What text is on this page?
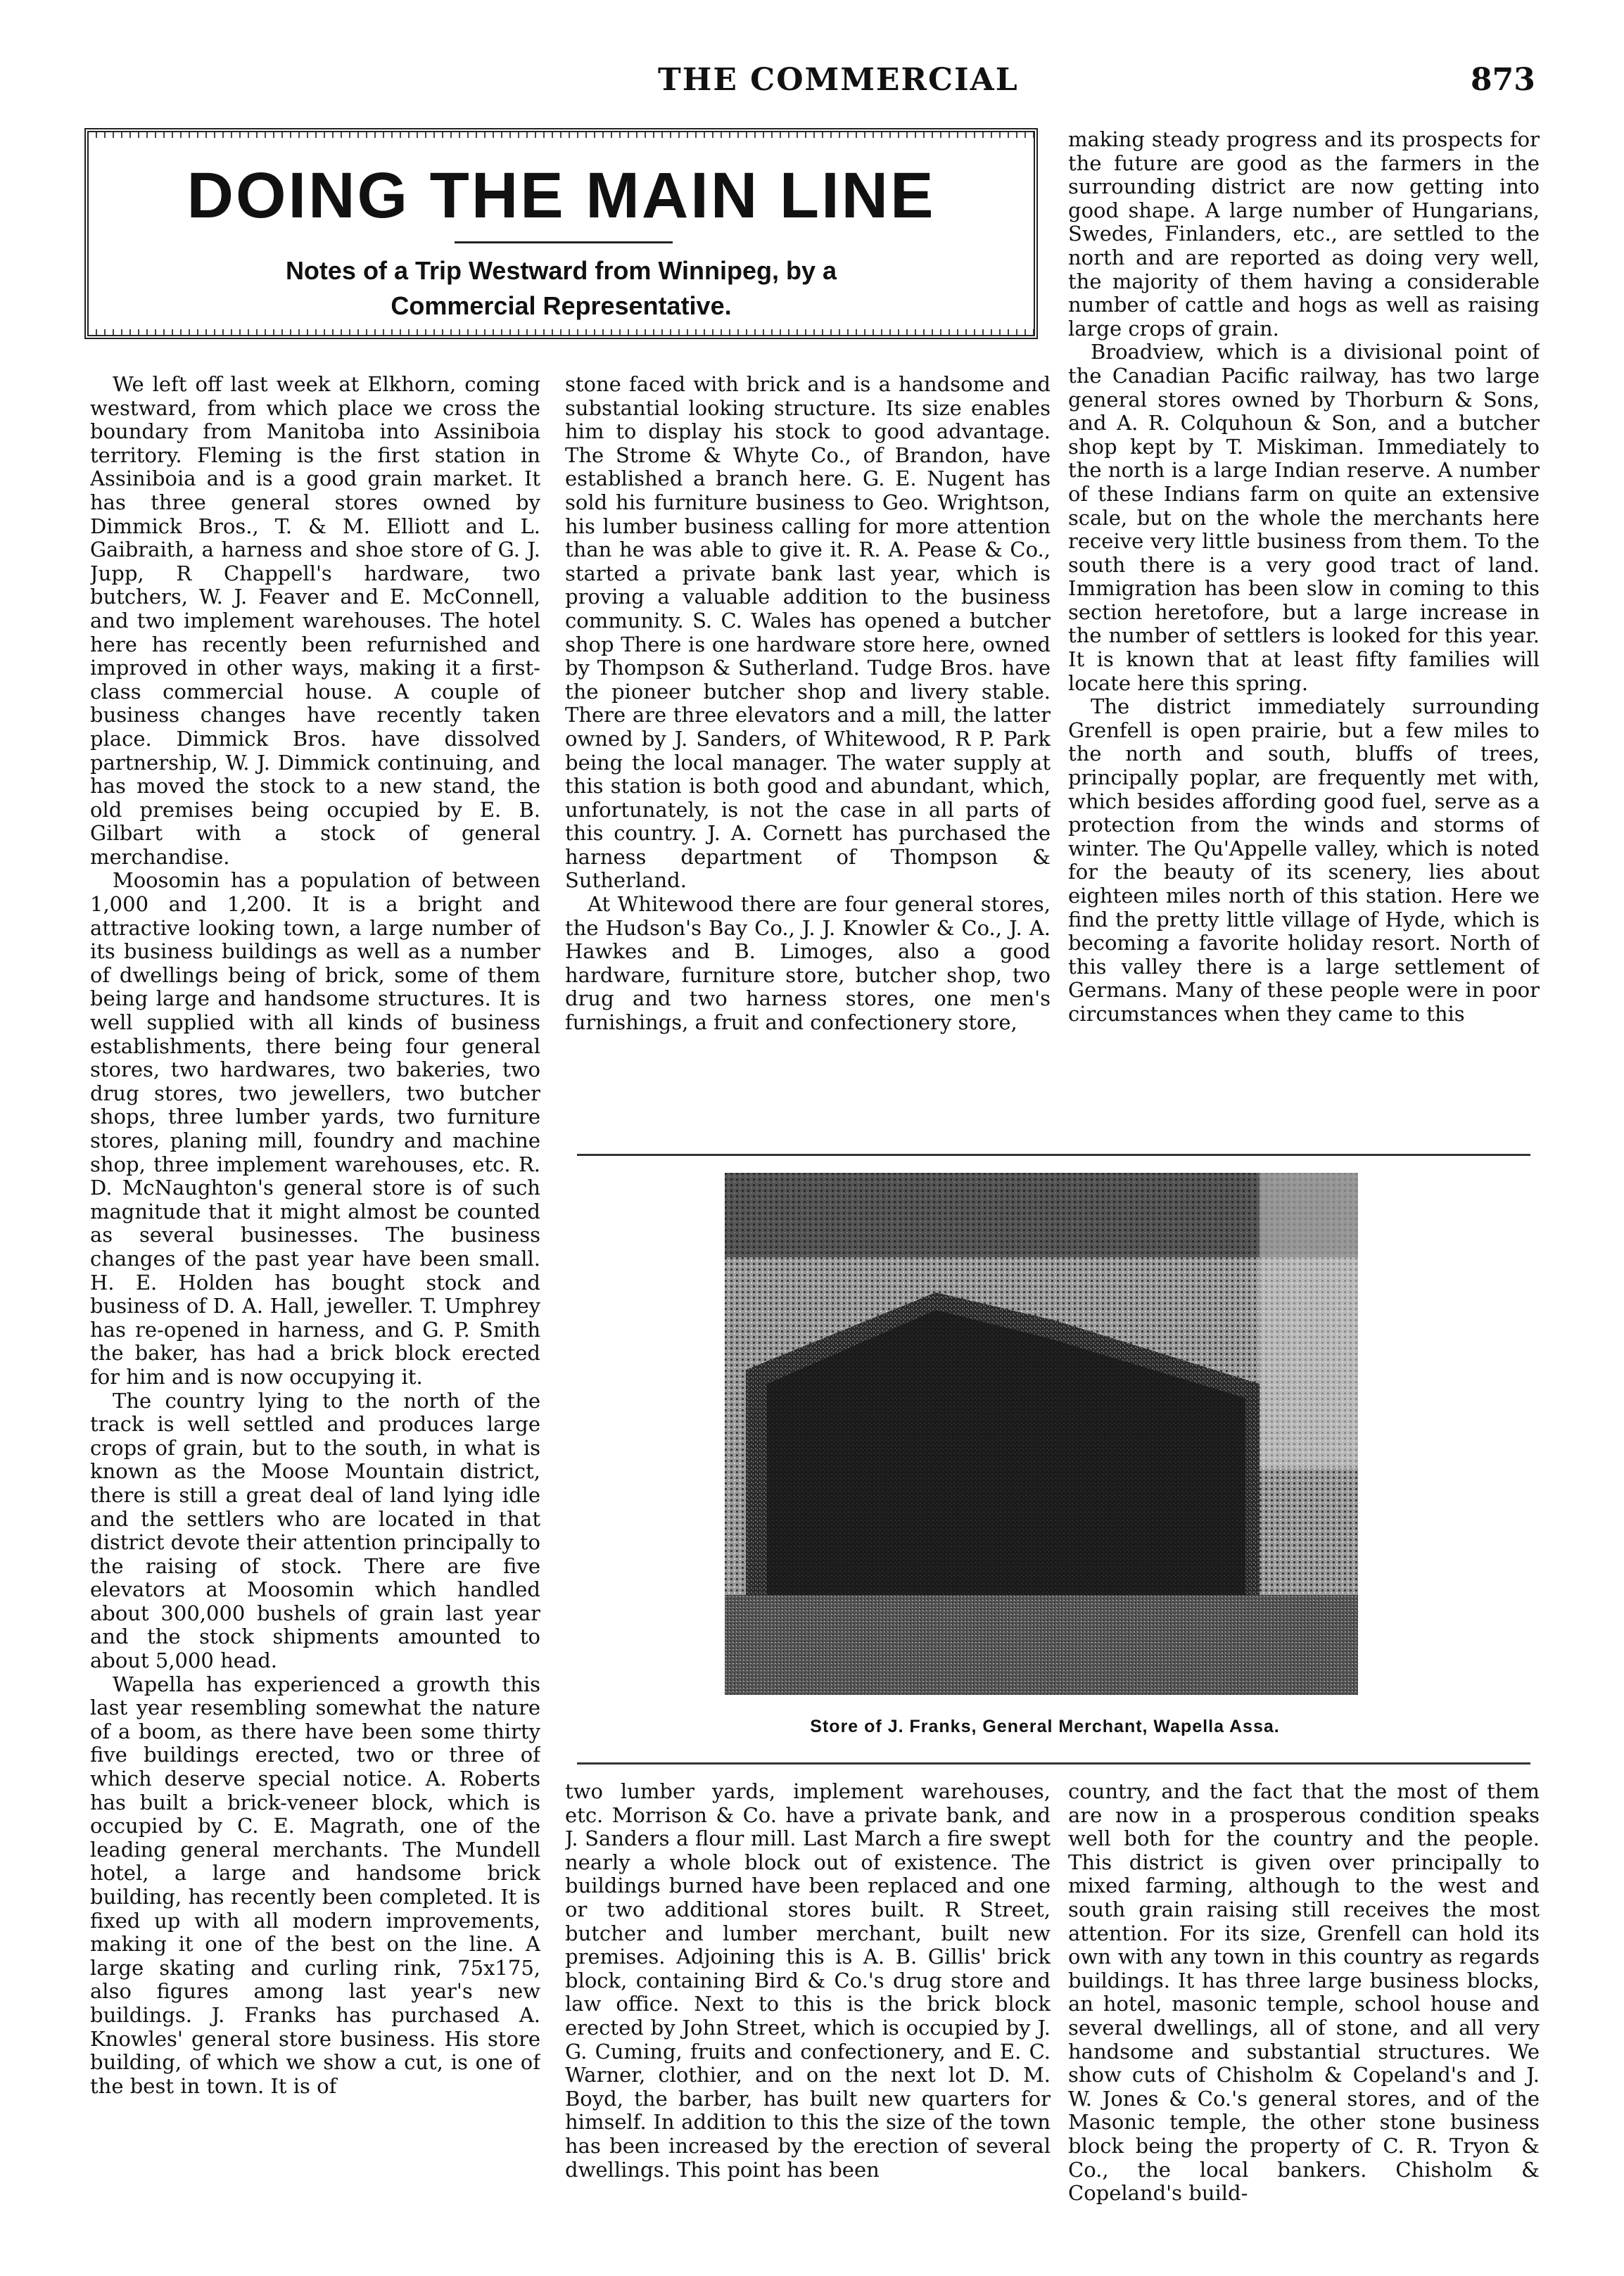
THE COMMERCIAL	873
DOING THE MAIN LINE
Notes of a Trip Westward from Winnipeg, by a
Commercial Representative.

We left off last week at Elkhorn, coming westward, from which place we cross the boundary from Manitoba into Assiniboia territory. Fleming is the first station in Assiniboia and is a good grain market. It has three general stores owned by Dimmick Bros., T. & M. Elliott and L. Gaibraith, a harness and shoe store of G. J. Jupp, R Chappell's hardware, two butchers, W. J. Feaver and E. McConnell, and two implement warehouses. The hotel here has recently been refurnished and improved in other ways, making it a first-class commercial house. A couple of business changes have recently taken place. Dimmick Bros. have dissolved partnership, W. J. Dimmick continuing, and has moved the stock to a new stand, the old premises being occupied by E. B. Gilbart with a stock of general merchandise.

Moosomin has a population of between 1,000 and 1,200. It is a bright and attractive looking town, a large number of its business buildings as well as a number of dwellings being of brick, some of them being large and handsome structures. It is well supplied with all kinds of business establishments, there being four general stores, two hardwares, two bakeries, two drug stores, two jewellers, two butcher shops, three lumber yards, two furniture stores, planing mill, foundry and machine shop, three implement warehouses, etc. R. D. McNaughton's general store is of such magnitude that it might almost be counted as several businesses. The business changes of the past year have been small. H. E. Holden has bought stock and business of D. A. Hall, jeweller. T. Umphrey has re-opened in harness, and G. P. Smith the baker, has had a brick block erected for him and is now occupying it.

The country lying to the north of the track is well settled and produces large crops of grain, but to the south, in what is known as the Moose Mountain district, there is still a great deal of land lying idle and the settlers who are located in that district devote their attention principally to the raising of stock. There are five elevators at Moosomin which handled about 300,000 bushels of grain last year and the stock shipments amounted to about 5,000 head.

Wapella has experienced a growth this last year resembling somewhat the nature of a boom, as there have been some thirty five buildings erected, two or three of which deserve special notice. A. Roberts has built a brick-veneer block, which is occupied by C. E. Magrath, one of the leading general merchants. The Mundell hotel, a large and handsome brick building, has recently been completed. It is fixed up with all modern improvements, making it one of the best on the line. A large skating and curling rink, 75x175, also figures among last year's new buildings. J. Franks has purchased A. Knowles' general store business. His store building, of which we show a cut, is one of the best in town. It is of

stone faced with brick and is a handsome and substantial looking structure. Its size enables him to display his stock to good advantage. The Strome & Whyte Co., of Brandon, have established a branch here. G. E. Nugent has sold his furniture business to Geo. Wrightson, his lumber business calling for more attention than he was able to give it. R. A. Pease & Co., started a private bank last year, which is proving a valuable addition to the business community. S. C. Wales has opened a butcher shop There is one hardware store here, owned by Thompson & Sutherland. Tudge Bros. have the pioneer butcher shop and livery stable. There are three elevators and a mill, the latter owned by J. Sanders, of Whitewood, R P. Park being the local manager. The water supply at this station is both good and abundant, which, unfortunately, is not the case in all parts of this country. J. A. Cornett has purchased the harness department of Thompson & Sutherland.

At Whitewood there are four general stores, the Hudson's Bay Co., J. J. Knowler & Co., J. A. Hawkes and B. Limoges, also a good hardware, furniture store, butcher shop, two drug and two harness stores, one men's furnishings, a fruit and confectionery store,

making steady progress and its prospects for the future are good as the farmers in the surrounding district are now getting into good shape. A large number of Hungarians, Swedes, Finlanders, etc., are settled to the north and are reported as doing very well, the majority of them having a considerable number of cattle and hogs as well as raising large crops of grain.

Broadview, which is a divisional point of the Canadian Pacific railway, has two large general stores owned by Thorburn & Sons, and A. R. Colquhoun & Son, and a butcher shop kept by T. Miskiman. Immediately to the north is a large Indian reserve. A number of these Indians farm on quite an extensive scale, but on the whole the merchants here receive very little business from them. To the south there is a very good tract of land. Immigration has been slow in coming to this section heretofore, but a large increase in the number of settlers is looked for this year. It is known that at least fifty families will locate here this spring.

The district immediately surrounding Grenfell is open prairie, but a few miles to the north and south, bluffs of trees, principally poplar, are frequently met with, which besides affording good fuel, serve as a protection from the winds and storms of winter. The Qu'Appelle valley, which is noted for the beauty of its scenery, lies about eighteen miles north of this station. Here we find the pretty little village of Hyde, which is becoming a favorite holiday resort. North of this valley there is a large settlement of Germans. Many of these people were in poor circumstances when they came to this

Store of J. Franks, General Merchant, Wapella Assa.

two lumber yards, implement warehouses, etc. Morrison & Co. have a private bank, and J. Sanders a flour mill. Last March a fire swept nearly a whole block out of existence. The buildings burned have been replaced and one or two additional stores built. R Street, butcher and lumber merchant, built new premises. Adjoining this is A. B. Gillis' brick block, containing Bird & Co.'s drug store and law office. Next to this is the brick block erected by John Street, which is occupied by J. G. Cuming, fruits and confectionery, and E. C. Warner, clothier, and on the next lot D. M. Boyd, the barber, has built new quarters for himself. In addition to this the size of the town has been increased by the erection of several dwellings. This point has been

country, and the fact that the most of them are now in a prosperous condition speaks well both for the country and the people. This district is given over principally to mixed farming, although to the west and south grain raising still receives the most attention. For its size, Grenfell can hold its own with any town in this country as regards buildings. It has three large business blocks, an hotel, masonic temple, school house and several dwellings, all of stone, and all very handsome and substantial structures. We show cuts of Chisholm & Copeland's and J. W. Jones & Co.'s general stores, and of the Masonic temple, the other stone business block being the property of C. R. Tryon & Co., the local bankers. Chisholm & Copeland's build-
